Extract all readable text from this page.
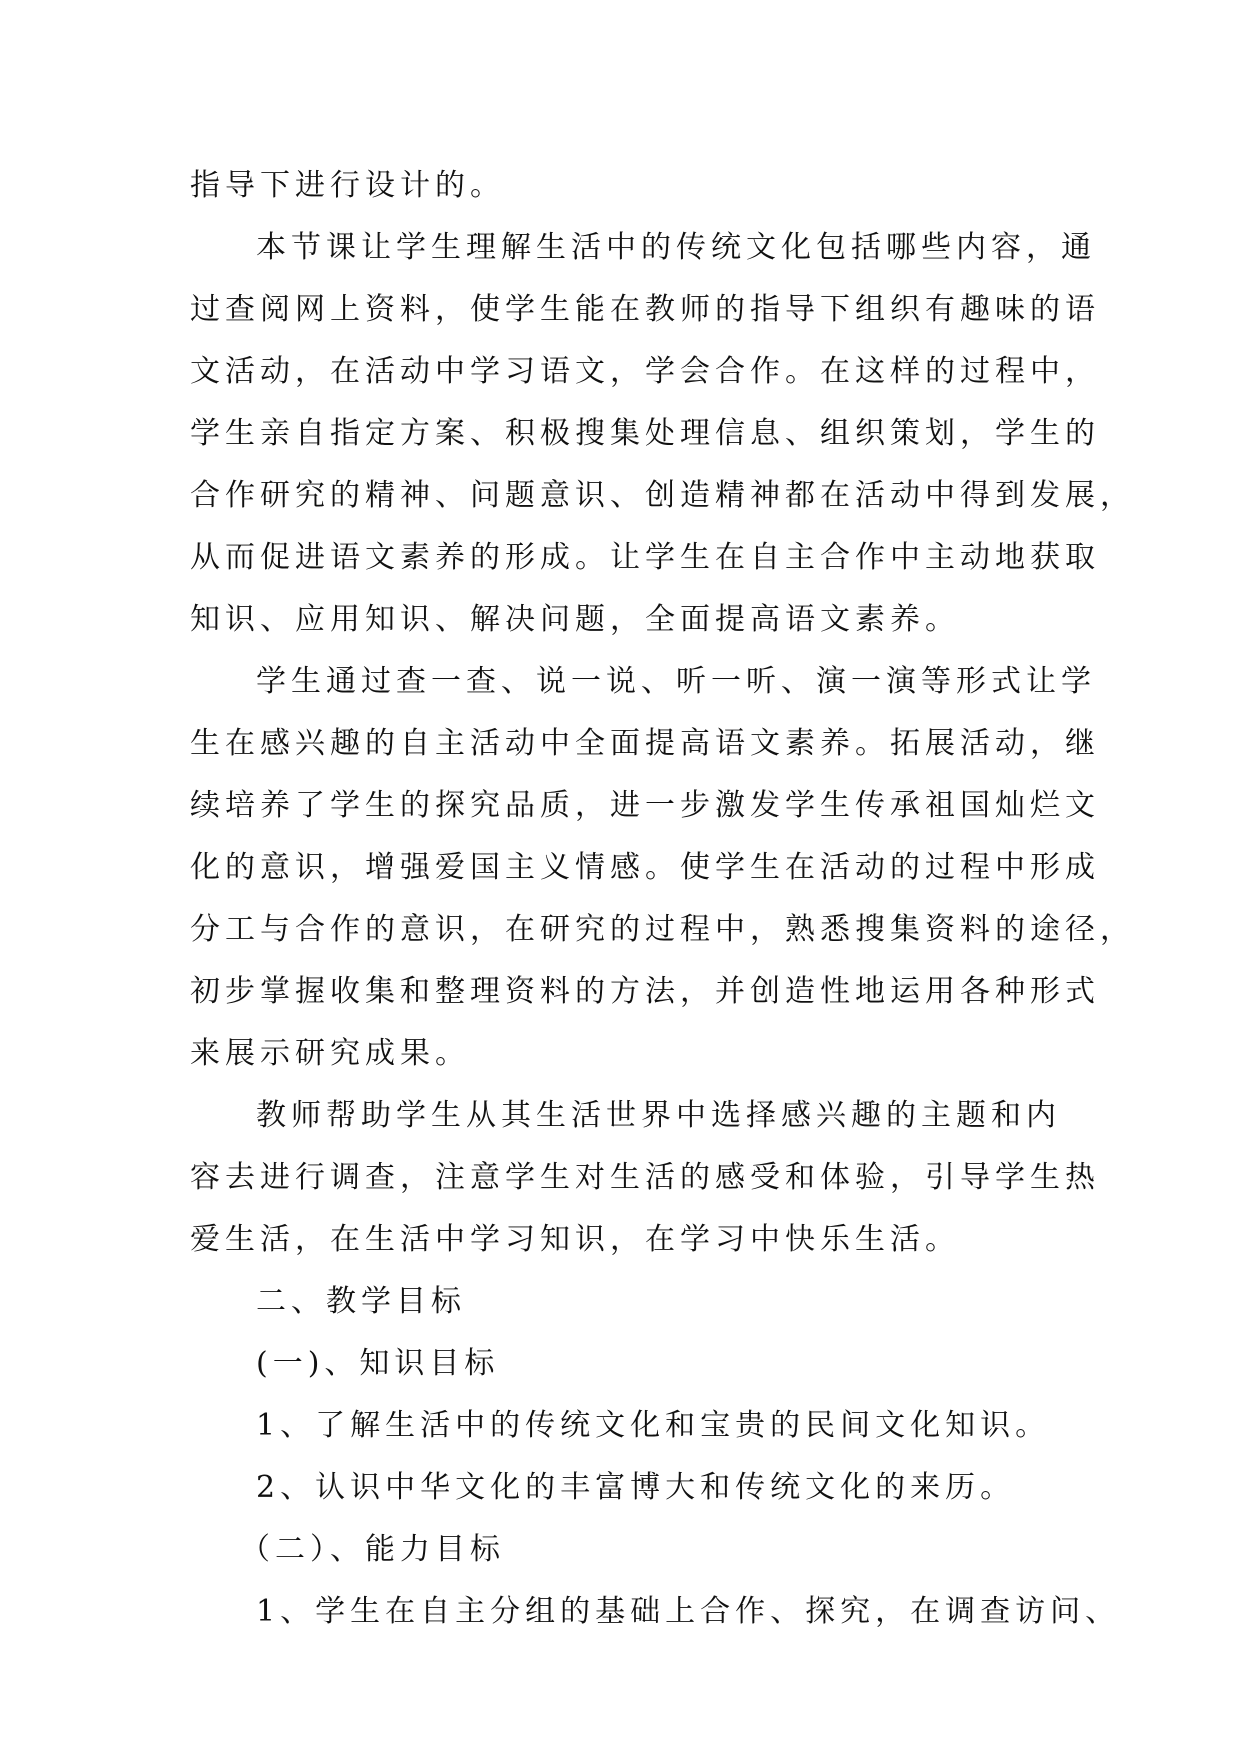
指导下进行设计的。
本节课让学生理解生活中的传统文化包括哪些内容，通
过查阅网上资料，使学生能在教师的指导下组织有趣味的语
文活动，在活动中学习语文，学会合作。在这样的过程中，
学生亲自指定方案、积极搜集处理信息、组织策划，学生的
合作研究的精神、问题意识、创造精神都在活动中得到发展，
从而促进语文素养的形成。让学生在自主合作中主动地获取
知识、应用知识、解决问题，全面提高语文素养。
学生通过查一查、说一说、听一听、演一演等形式让学
生在感兴趣的自主活动中全面提高语文素养。拓展活动，继
续培养了学生的探究品质，进一步激发学生传承祖国灿烂文
化的意识，增强爱国主义情感。使学生在活动的过程中形成
分工与合作的意识，在研究的过程中，熟悉搜集资料的途径，
初步掌握收集和整理资料的方法，并创造性地运用各种形式
来展示研究成果。
教师帮助学生从其生活世界中选择感兴趣的主题和内
容去进行调查，注意学生对生活的感受和体验，引导学生热
爱生活，在生活中学习知识，在学习中快乐生活。
二、教学目标
(一)、知识目标
1、了解生活中的传统文化和宝贵的民间文化知识。
2、认识中华文化的丰富博大和传统文化的来历。
（二）、能力目标
1、学生在自主分组的基础上合作、探究，在调查访问、
